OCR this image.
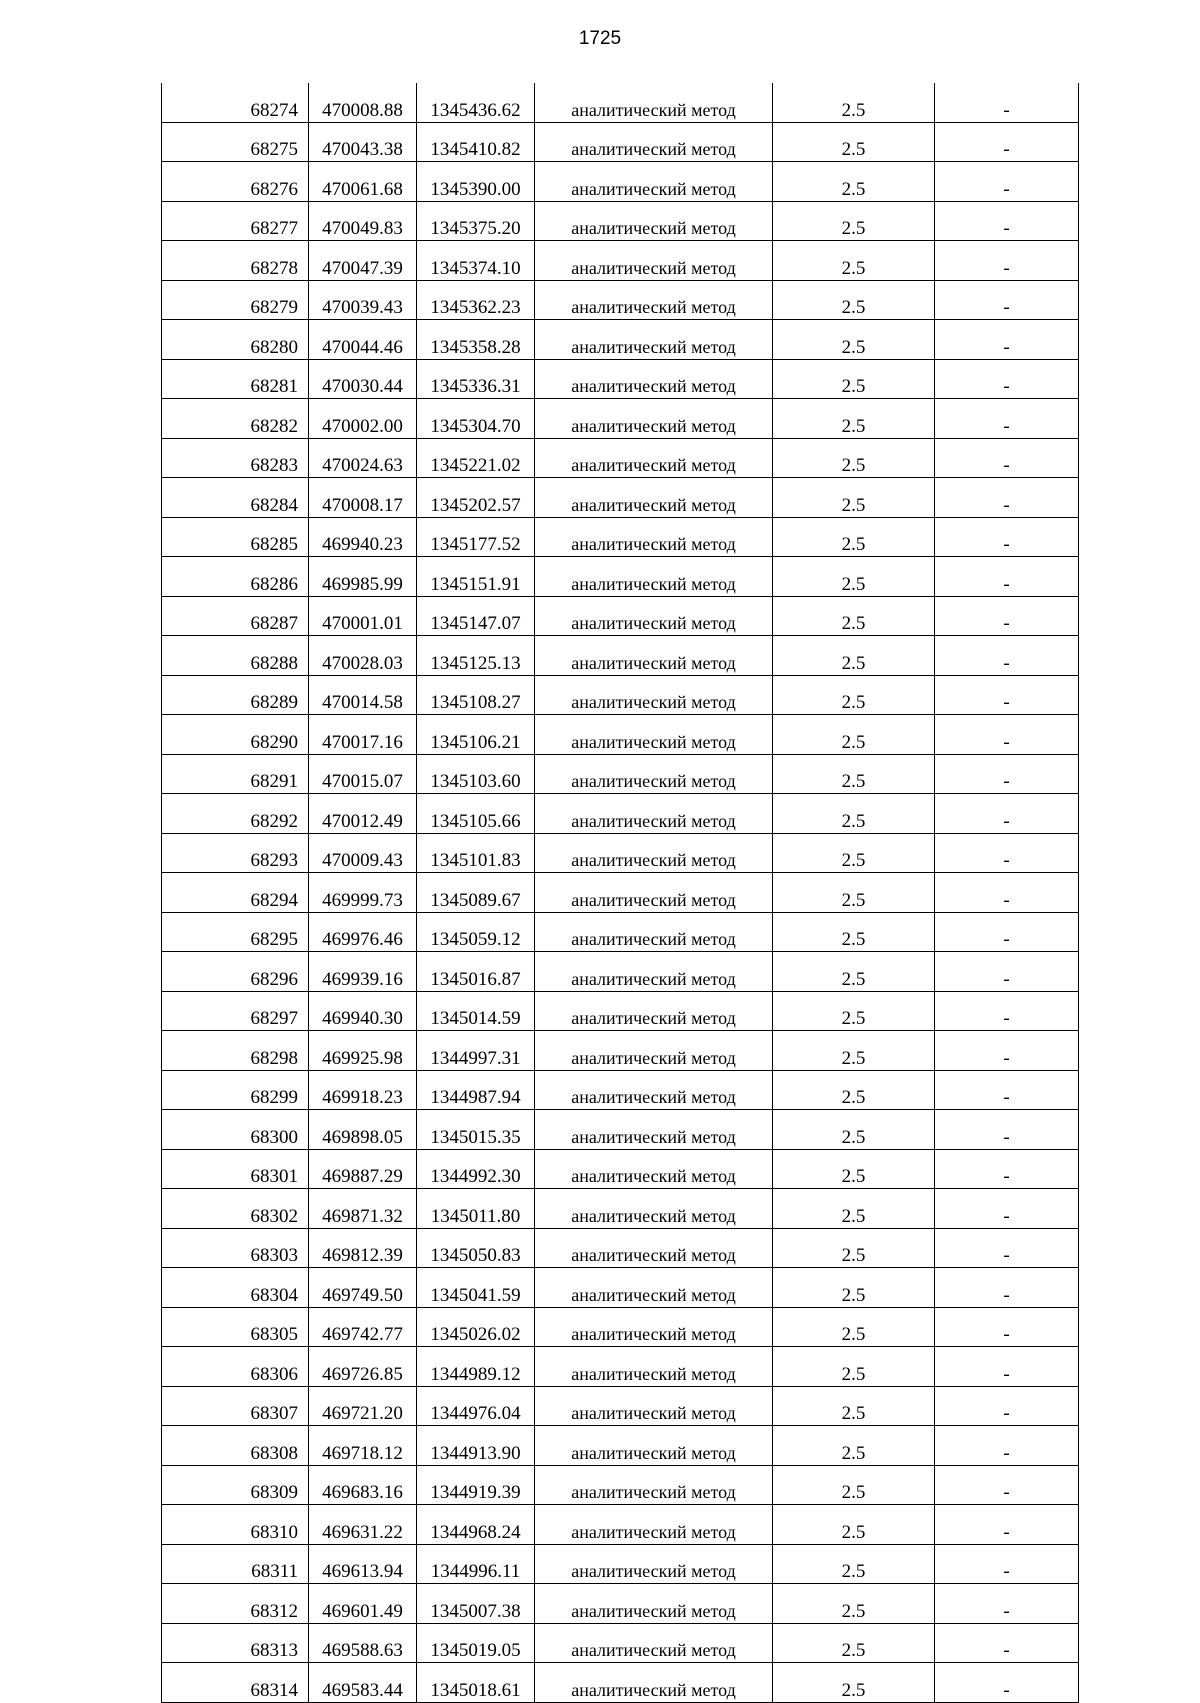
1725
68274	470008.88	1345436.62	аналитический метод	2.5	-
68275	470043.38	1345410.82	аналитический метод	2.5	-
68276	470061.68	1345390.00	аналитический метод	2.5	-
68277	470049.83	1345375.20	аналитический метод	2.5	-
68278	470047.39	1345374.10	аналитический метод	2.5	-
68279	470039.43	1345362.23	аналитический метод	2.5	-
68280	470044.46	1345358.28	аналитический метод	2.5	-
68281	470030.44	1345336.31	аналитический метод	2.5	-
68282	470002.00	1345304.70	аналитический метод	2.5	-
68283	470024.63	1345221.02	аналитический метод	2.5	-
68284	470008.17	1345202.57	аналитический метод	2.5	-
68285	469940.23	1345177.52	аналитический метод	2.5	-
68286	469985.99	1345151.91	аналитический метод	2.5	-
68287	470001.01	1345147.07	аналитический метод	2.5	-
68288	470028.03	1345125.13	аналитический метод	2.5	-
68289	470014.58	1345108.27	аналитический метод	2.5	-
68290	470017.16	1345106.21	аналитический метод	2.5	-
68291	470015.07	1345103.60	аналитический метод	2.5	-
68292	470012.49	1345105.66	аналитический метод	2.5	-
68293	470009.43	1345101.83	аналитический метод	2.5	-
68294	469999.73	1345089.67	аналитический метод	2.5	-
68295	469976.46	1345059.12	аналитический метод	2.5	-
68296	469939.16	1345016.87	аналитический метод	2.5	-
68297	469940.30	1345014.59	аналитический метод	2.5	-
68298	469925.98	1344997.31	аналитический метод	2.5	-
68299	469918.23	1344987.94	аналитический метод	2.5	-
68300	469898.05	1345015.35	аналитический метод	2.5	-
68301	469887.29	1344992.30	аналитический метод	2.5	-
68302	469871.32	1345011.80	аналитический метод	2.5	-
68303	469812.39	1345050.83	аналитический метод	2.5	-
68304	469749.50	1345041.59	аналитический метод	2.5	-
68305	469742.77	1345026.02	аналитический метод	2.5	-
68306	469726.85	1344989.12	аналитический метод	2.5	-
68307	469721.20	1344976.04	аналитический метод	2.5	-
68308	469718.12	1344913.90	аналитический метод	2.5	-
68309	469683.16	1344919.39	аналитический метод	2.5	-
68310	469631.22	1344968.24	аналитический метод	2.5	-
68311	469613.94	1344996.11	аналитический метод	2.5	-
68312	469601.49	1345007.38	аналитический метод	2.5	-
68313	469588.63	1345019.05	аналитический метод	2.5	-
68314	469583.44	1345018.61	аналитический метод	2.5	-
